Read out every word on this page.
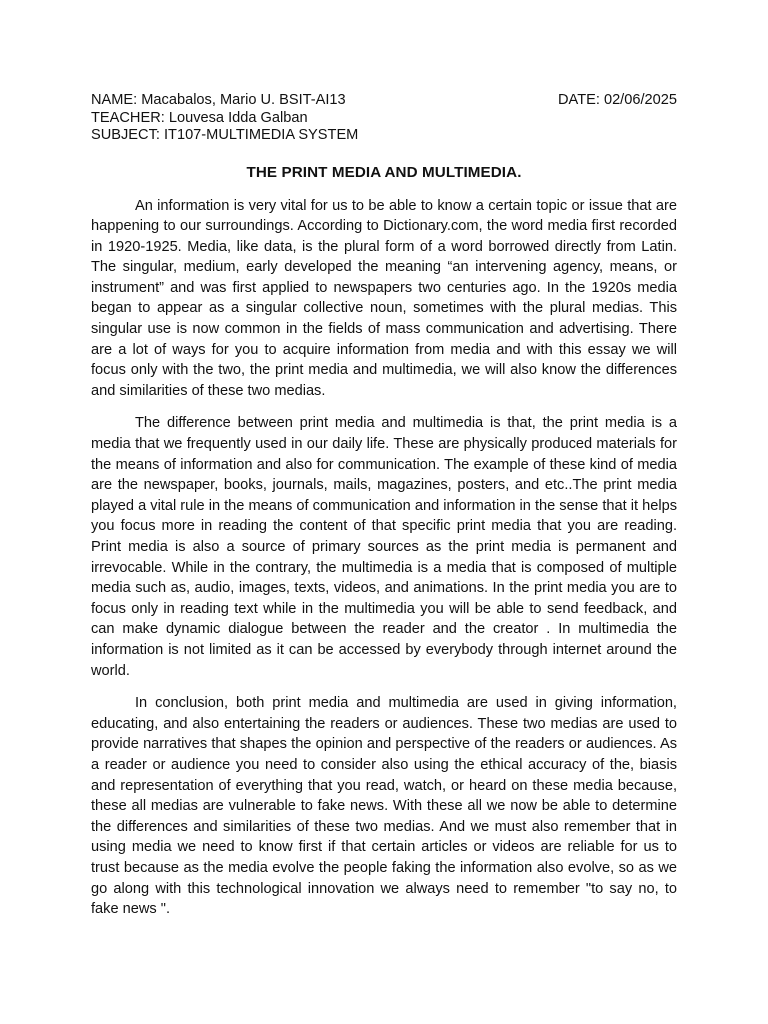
NAME: Macabalos, Mario U. BSIT-AI13
TEACHER: Louvesa Idda Galban
SUBJECT: IT107-MULTIMEDIA SYSTEM
DATE: 02/06/2025
THE PRINT MEDIA AND MULTIMEDIA.

An information is very vital for us to be able to know a certain topic or issue that are happening to our surroundings. According to Dictionary.com, the word media first recorded in 1920-1925. Media, like data, is the plural form of a word borrowed directly from Latin. The singular, medium, early developed the meaning “an intervening agency, means, or instrument” and was first applied to newspapers two centuries ago. In the 1920s media began to appear as a singular collective noun, sometimes with the plural medias. This singular use is now common in the fields of mass communication and advertising. There are a lot of ways for you to acquire information from media and with this essay we will focus only with the two, the print media and multimedia, we will also know the differences and similarities of these two medias.

The difference between print media and multimedia is that, the print media is a media that we frequently used in our daily life. These are physically produced materials for the means of information and also for communication. The example of these kind of media are the newspaper, books, journals, mails, magazines, posters, and etc..The print media played a vital rule in the means of communication and information in the sense that it helps you focus more in reading the content of that specific print media that you are reading. Print media is also a source of primary sources as the print media is permanent and irrevocable. While in the contrary, the multimedia is a media that is composed of multiple media such as, audio, images, texts, videos, and animations. In the print media you are to focus only in reading text while in the multimedia you will be able to send feedback, and can make dynamic dialogue between the reader and the creator . In multimedia the information is not limited as it can be accessed by everybody through internet around the world.

In conclusion, both print media and multimedia are used in giving information, educating, and also entertaining the readers or audiences. These two medias are used to provide narratives that shapes the opinion and perspective of the readers or audiences. As a reader or audience you need to consider also using the ethical accuracy of the, biasis and representation of everything that you read, watch, or heard on these media because, these all medias are vulnerable to fake news. With these all we now be able to determine the differences and similarities of these two medias. And we must also remember that in using media we need to know first if that certain articles or videos are reliable for us to trust because as the media evolve the people faking the information also evolve, so as we go along with this technological innovation we always need to remember "to say no, to fake news ".
